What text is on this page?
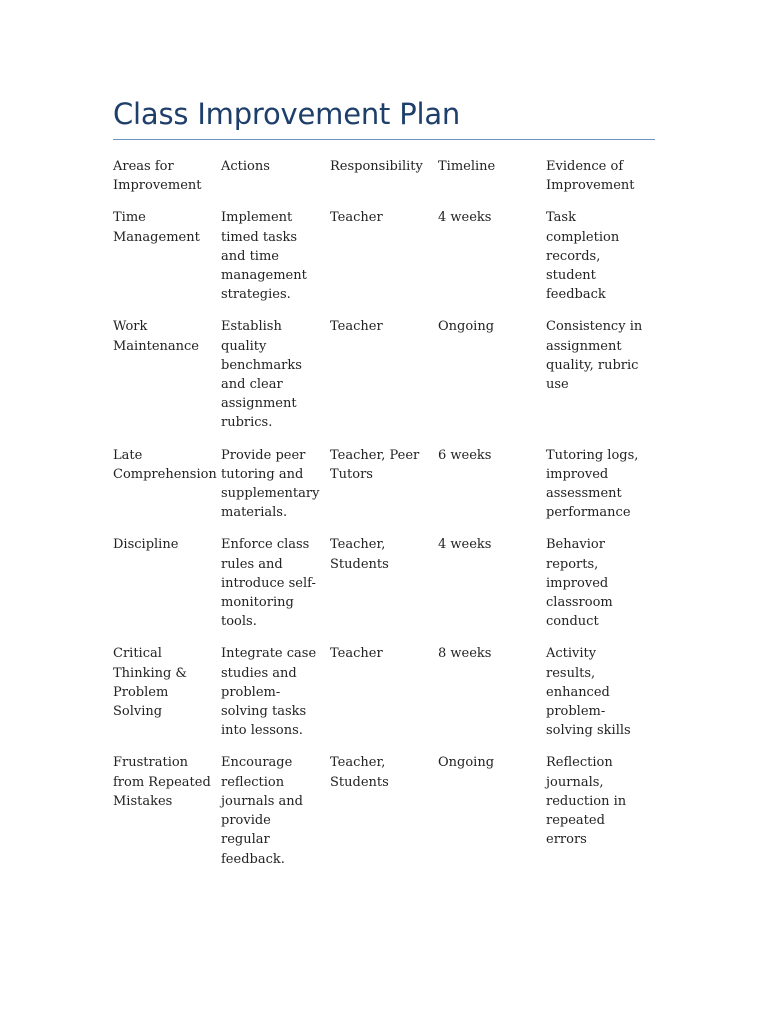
Class Improvement Plan
Areas for Improvement	Actions	Responsibility	Timeline	Evidence of Improvement
Time Management	Implement timed tasks and time management strategies.	Teacher	4 weeks	Task completion records, student feedback
Work Maintenance	Establish quality benchmarks and clear assignment rubrics.	Teacher	Ongoing	Consistency in assignment quality, rubric use
Late Comprehension	Provide peer tutoring and supplementary materials.	Teacher, Peer Tutors	6 weeks	Tutoring logs, improved assessment performance
Discipline	Enforce class rules and introduce self-monitoring tools.	Teacher, Students	4 weeks	Behavior reports, improved classroom conduct
Critical Thinking & Problem Solving	Integrate case studies and problem-solving tasks into lessons.	Teacher	8 weeks	Activity results, enhanced problem-solving skills
Frustration from Repeated Mistakes	Encourage reflection journals and provide regular feedback.	Teacher, Students	Ongoing	Reflection journals, reduction in repeated errors
